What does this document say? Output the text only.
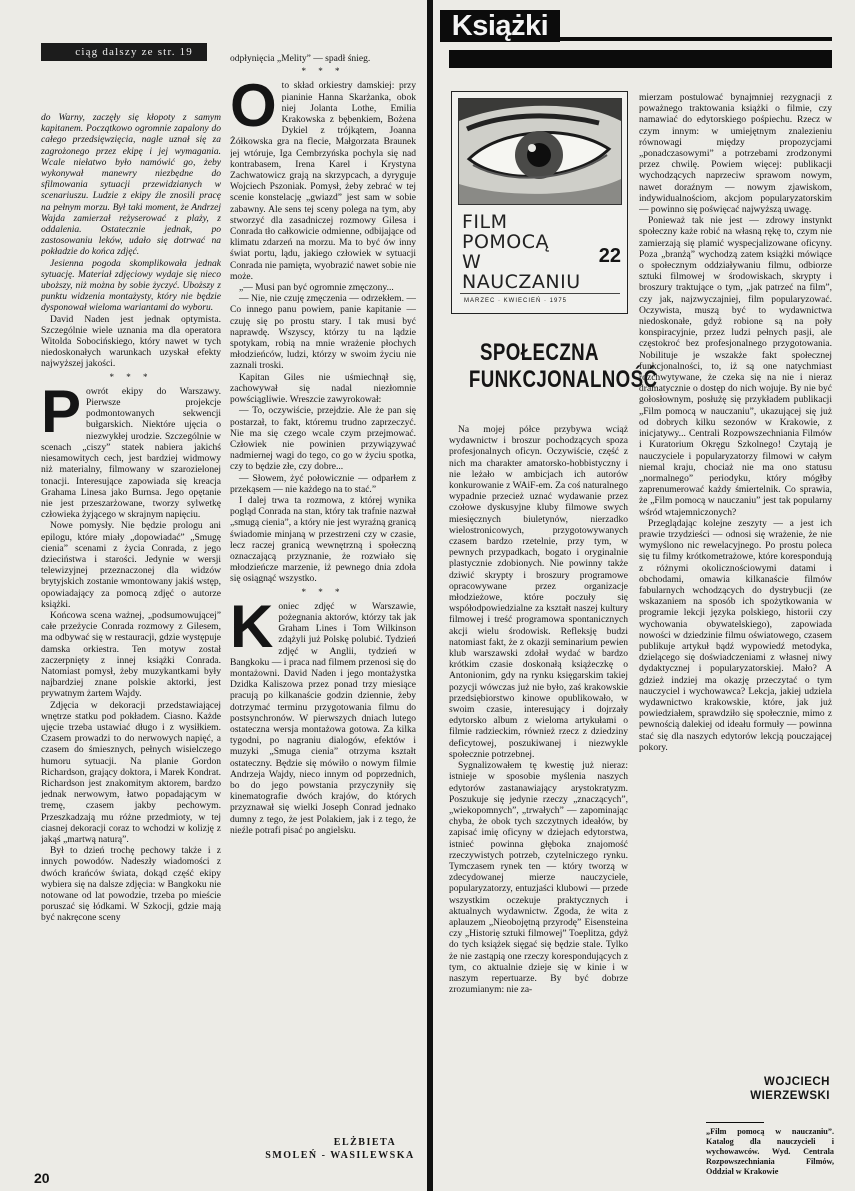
ciąg dalszy ze str. 19

do Warny, zaczęły się kłopoty z samym kapitanem. Początkowo ogromnie zapalony do całego przedsięwzięcia, nagle uznał się za zagrożonego przez ekipę i jej wymagania. Wcale niełatwo było namówić go, żeby wykonywał manewry niezbędne do sfilmowania sytuacji przewidzianych w scenariuszu. Ludzie z ekipy źle znosili pracę na pełnym morzu. Był taki moment, że Andrzej Wajda zamierzał reżyserować z plaży, z oddalenia. Ostatecznie jednak, po zastosowaniu leków, udało się dotrwać na pokładzie do końca zdjęć.

Jesienna pogoda skomplikowała jednak sytuację. Materiał zdjęciowy wydaje się nieco uboższy, niż można by sobie życzyć. Uboższy z punktu widzenia montażysty, który nie będzie dysponował wieloma wariantami do wyboru.

David Naden jest jednak optymista. Szczególnie wiele uznania ma dla operatora Witolda Sobocińskiego, który nawet w tych niedoskonałych warunkach uzyskał efekty najwyższej jakości.

* * *

Powrót ekipy do Warszawy. Pierwsze projekcje podmontowanych sekwencji bułgarskich. Niektóre ujęcia o niezwykłej urodzie. Szczególnie w scenach „ciszy” statek nabiera jakichś niesamowitych cech, jest bardziej widmowy niż materialny, filmowany w szarozielonej tonacji. Interesujące zapowiada się kreacja Grahama Linesa jako Burnsa. Jego opętanie nie jest przeszarżowane, tworzy sylwetkę człowieka żyjącego w skrajnym napięciu.

Nowe pomysły. Nie będzie prologu ani epilogu, które miały „dopowiadać” „Smugę cienia” scenami z życia Conrada, z jego dzieciństwa i starości. Jedynie w wersji telewizyjnej przeznaczonej dla widzów brytyjskich zostanie wmontowany jakiś wstęp, opowiadający za pomocą zdjęć o autorze książki.

Końcowa scena ważnej, „podsumowującej” całe przeżycie Conrada rozmowy z Gilesem, ma odbywać się w restauracji, gdzie występuje damska orkiestra. Ten motyw został zaczerpnięty z innej książki Conrada. Natomiast pomysł, żeby muzykantkami były najbardziej znane polskie aktorki, jest prywatnym żartem Wajdy.

Zdjęcia w dekoracji przedstawiającej wnętrze statku pod pokładem. Ciasno. Każde ujęcie trzeba ustawiać długo i z wysiłkiem. Czasem prowadzi to do nerwowych napięć, a czasem do śmiesznych, pełnych wisielczego humoru sytuacji. Na planie Gordon Richardson, grający doktora, i Marek Kondrat. Richardson jest znakomitym aktorem, bardzo jednak nerwowym, łatwo popadającym w tremę, czasem jakby pechowym. Przeszkadzają mu różne przedmioty, w tej ciasnej dekoracji coraz to wchodzi w kolizję z jakąś „martwą naturą”.

Był to dzień trochę pechowy także i z innych powodów. Nadeszły wiadomości z dwóch krańców świata, dokąd część ekipy wybiera się na dalsze zdjęcia: w Bangkoku nie notowane od lat powodzie, trzeba po mieście poruszać się łódkami. W Szkocji, gdzie mają być nakręcone sceny

odpłynięcia „Melity” — spadł śnieg.

* * *

Oto skład orkiestry damskiej: przy pianinie Hanna Skarżanka, obok niej Jolanta Lothe, Emilia Krakowska z bębenkiem, Bożena Dykiel z trójkątem, Joanna Żółkowska gra na flecie, Małgorzata Braunek jej wtóruje, Iga Cembrzyńska pochyla się nad kontrabasem, Irena Karel i Krystyna Zachwatowicz grają na skrzypcach, a dyryguje Wojciech Pszoniak. Pomysł, żeby zebrać w tej scenie konstelację „gwiazd” jest sam w sobie zabawny. Ale sens tej sceny polega na tym, aby stworzyć dla zasadniczej rozmowy Gilesa i Conrada tło całkowicie odmienne, odbijające od klimatu zdarzeń na morzu. Ma to być ów inny świat portu, lądu, jakiego człowiek w sytuacji Conrada nie pamięta, wyobrazić nawet sobie nie może.

„— Musi pan być ogromnie zmęczony...

— Nie, nie czuję zmęczenia — odrzekłem. — Co innego panu powiem, panie kapitanie — czuję się po prostu stary. I tak musi być naprawdę. Wszyscy, którzy tu na lądzie spotykam, robią na mnie wrażenie płochych młodzieńców, ludzi, którzy w swoim życiu nie zaznali troski.

Kapitan Giles nie uśmiechnął się, zachowywał się nadal niezłomnie powściągliwie. Wreszcie zawyrokował:

— To, oczywiście, przejdzie. Ale że pan się postarzał, to fakt, któremu trudno zaprzeczyć. Nie ma się czego wcale czym przejmować. Człowiek nie powinien przywiązywać nadmiernej wagi do tego, co go w życiu spotka, czy to będzie złe, czy dobre...

— Słowem, żyć połowicznie — odparłem z przekąsem — nie każdego na to stać.”

I dalej trwa ta rozmowa, z której wynika pogląd Conrada na stan, który tak trafnie nazwał „smugą cienia”, a który nie jest wyraźną granicą świadomie minjaną w przestrzeni czy w czasie, lecz raczej granicą wewnętrzną i społeczną oznaczającą przyznanie, że rozwiało się młodzieńcze marzenie, iż pewnego dnia zdoła się osiągnąć wszystko.

* * *

Koniec zdjęć w Warszawie, pożegnania aktorów, którzy tak jak Graham Lines i Tom Wilkinson zdążyli już Polskę polubić. Tydzień zdjęć w Anglii, tydzień w Bangkoku — i praca nad filmem przenosi się do montażowni. David Naden i jego montażystka Dzidka Kaliszowa przez ponad trzy miesiące pracują po kilkanaście godzin dziennie, żeby dotrzymać terminu przygotowania filmu do postsynchronów. W pierwszych dniach lutego ostateczna wersja montażowa gotowa. Za kilka tygodni, po nagraniu dialogów, efektów i muzyki „Smuga cienia” otrzyma kształt ostateczny. Będzie się mówiło o nowym filmie Andrzeja Wajdy, nieco innym od poprzednich, bo do jego powstania przyczyniły się kinematografie dwóch krajów, do których przyznawał się wielki Joseph Conrad jednako dumny z tego, że jest Polakiem, jak i z tego, że nieźle potrafi pisać po angielsku.

ELŻBIETA
SMOLEŃ - WASILEWSKA
Książki
FILM
POMOCĄ
W
NAUCZANIU
22
MARZEC · KWIECIEŃ · 1975
SPOŁECZNA
FUNKCJONALNOŚĆ

Na mojej półce przybywa wciąż wydawnictw i broszur pochodzących spoza profesjonalnych oficyn. Oczywiście, część z nich ma charakter amatorsko-hobbistyczny i nie leżało w ambicjach ich autorów konkurowanie z WAiF-em. Za coś naturalnego wypadnie przecież uznać wydawanie przez czołowe dyskusyjne kluby filmowe swych miesięcznych biuletynów, nierzadko wielostronicowych, przygotowywanych czasem bardzo rzetelnie, przy tym, w pewnych przypadkach, bogato i oryginalnie plastycznie zdobionych. Nie powinny także dziwić skrypty i broszury programowe opracowywane przez organizacje młodzieżowe, które poczuły się współodpowiedzialne za kształt naszej kultury filmowej i treść programowa spontanicznych akcji wielu środowisk. Refleksję budzi natomiast fakt, że z okazji seminarium pewien klub warszawski zdołał wydać w bardzo krótkim czasie doskonałą książeczkę o Antonionim, gdy na rynku księgarskim takiej pozycji wówczas już nie było, zaś krakowskie przedsiębiorstwo kinowe opublikowało, w swoim czasie, interesujący i dojrzały edytorsko album z wielomа artykułami o filmie radzieckim, również rzecz z dziedziny deficytowej, poszukiwanej i niezwykle społecznie potrzebnej.

Sygnalizowałem tę kwestię już nieraz: istnieje w sposobie myślenia naszych edytorów zastanawiający arystokratyzm. Poszukuje się jedynie rzeczy „znaczących”, „wiekopomnych”, „trwałych” — zapominając chyba, że obok tych szczytnych ideałów, by zapisać imię oficyny w dziejach edytorstwa, istnieć powinna głęboka znajomość rzeczywistych potrzeb, czytelniczego rynku. Tymczasem rynek ten — który tworzą w zdecydowanej mierze nauczyciele, popularyzatorzy, entuzjaści klubowi — przede wszystkim oczekuje praktycznych i aktualnych wydawnictw. Zgoda, że wita z aplauzem „Nieobojętną przyrodę” Eisensteina czy „Historię sztuki filmowej” Toeplitza, gdyż do tych książek sięgać się będzie stale. Tylko że nie zastąpią one rzeczy korespondujących z tym, co aktualnie dzieje się w kinie i w naszym repertuarze. By być dobrze zrozumianym: nie za-

mierzam postulować bynajmniej rezygnacji z poważnego traktowania książki o filmie, czy namawiać do edytorskiego pośpiechu. Rzecz w czym innym: w umiejętnym znalezieniu równowagi między propozycjami „ponadczasowymi” a potrzebami zrodzonymi przez chwilę. Powiem więcej: publikacji wychodzących naprzeciw sprawom nowym, nawet doraźnym — nowym zjawiskom, indywidualnościom, akcjom popularyzatorskim — powinno się poświęcać najwyższą uwagę.

Ponieważ tak nie jest — zdrowy instynkt społeczny każe robić na własną rękę to, czym nie zamierzają się plamić wyspecjalizowane oficyny. Poza „branżą” wychodzą zatem książki mówiące o społecznym oddziaływaniu filmu, odbiorze sztuki filmowej w środowiskach, skrypty i broszury traktujące o tym, „jak patrzeć na film”, czy jak, najzwyczajniej, film popularyzować. Oczywista, muszą być to wydawnictwa niedoskonałe, gdyż robione są na poły konspiracyjnie, przez ludzi pełnych pasji, ale częstokroć bez profesjonalnego przygotowania. Nobilituje je wszakże fakt społecznej funkcjonalności, to, iż są one natychmiast rozchwytywane, że czeka się na nie i nieraz dramatycznie o dostęp do nich wojuje. By nie być gołosłownym, posłużę się przykładem publikacji „Film pomocą w nauczaniu”, ukazującej się już od dobrych kilku sezonów w Krakowie, z inicjatywy... Centrali Rozpowszechniania Filmów i Kuratorium Okręgu Szkolnego! Czytają je nauczyciele i popularyzatorzy filmowi w całym niemal kraju, chociaż nie ma ono statusu „normalnego” periodyku, który mógłby zaprenumerować każdy śmiertelnik. Co sprawia, że „Film pomocą w nauczaniu” jest tak popularny wśród wtajemniczonych?

Przeglądając kolejne zeszyty — a jest ich prawie trzydzieści — odnosi się wrażenie, że nie wymyślono nic rewelacyjnego. Po prostu poleca się tu filmy krótkometrażowe, które korespondują z różnymi okolicznościowymi datami i obchodami, omawia kilkanaście filmów fabularnych wchodzących do dystrybucji (ze wskazaniem na sposób ich spożytkowania w programie lekcji języka polskiego, historii czy wychowania obywatelskiego), zapowiada nowości w dziedzinie filmu oświatowego, czasem publikuje artykuł bądź wypowiedź metodyka, dzielącego się doświadczeniami z własnej niwy dydaktycznej i popularyzatorskiej. Mało? A gdzież indziej ma okazję przeczytać o tym nauczyciel i wychowawca? Lekcja, jakiej udziela wydawnictwo krakowskie, które, jak już powiedziałem, sprawdziło się społecznie, mimo z pewnością dalekiej od ideału formuły — powinna stać się dla naszych edytorów lekcją pouczającej pokory.

WOJCIECH
WIERZEWSKI
„Film pomocą w nauczaniu”. Katalog dla nauczycieli i wychowawców. Wyd. Centrala Rozpowszechniania Filmów, Oddział w Krakowie
20
